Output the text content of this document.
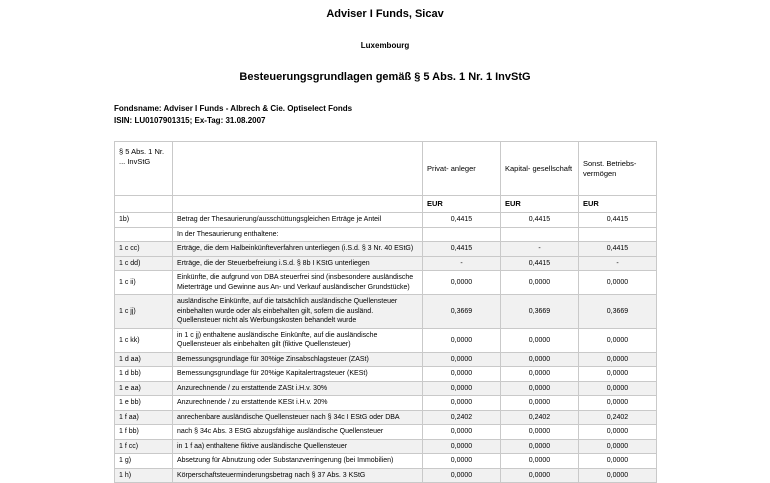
Adviser I Funds, Sicav
Luxembourg
Besteuerungsgrundlagen gemäß § 5 Abs. 1 Nr. 1 InvStG
Fondsname: Adviser I Funds - Albrech & Cie. Optiselect Fonds
ISIN: LU0107901315; Ex-Tag: 31.08.2007
§ 5 Abs. 1 Nr. ... InvStG		Privat- anleger	Kapital- gesellschaft	Sonst. Betriebs- vermögen
		EUR	EUR	EUR
1b)	Betrag der Thesaurierung/ausschüttungsgleichen Erträge je Anteil	0,4415	0,4415	0,4415
	In der Thesaurierung enthaltene:			
1 c cc)	Erträge, die dem Halbeinkünfteverfahren unterliegen (i.S.d. § 3 Nr. 40 EStG)	0,4415	-	0,4415
1 c dd)	Erträge, die der Steuerbefreiung i.S.d. § 8b I KStG unterliegen	-	0,4415	-
1 c ii)	Einkünfte, die aufgrund von DBA steuerfrei sind (insbesondere ausländische Mieterträge und Gewinne aus An- und Verkauf ausländischer Grundstücke)	0,0000	0,0000	0,0000
1 c jj)	ausländische Einkünfte, auf die tatsächlich ausländische Quellensteuer einbehalten wurde oder als einbehalten gilt, sofern die ausländ. Quellensteuer nicht als Werbungskosten behandelt wurde	0,3669	0,3669	0,3669
1 c kk)	in 1 c jj) enthaltene ausländische Einkünfte, auf die ausländische Quellensteuer als einbehalten gilt (fiktive Quellensteuer)	0,0000	0,0000	0,0000
1 d aa)	Bemessungsgrundlage für 30%ige Zinsabschlagsteuer (ZASt)	0,0000	0,0000	0,0000
1 d bb)	Bemessungsgrundlage für 20%ige Kapitalertragsteuer (KESt)	0,0000	0,0000	0,0000
1 e aa)	Anzurechnende / zu erstattende ZASt i.H.v. 30%	0,0000	0,0000	0,0000
1 e bb)	Anzurechnende / zu erstattende KESt i.H.v. 20%	0,0000	0,0000	0,0000
1 f aa)	anrechenbare ausländische Quellensteuer nach § 34c I EStG oder DBA	0,2402	0,2402	0,2402
1 f bb)	nach § 34c Abs. 3 EStG abzugsfähige ausländische Quellensteuer	0,0000	0,0000	0,0000
1 f cc)	in 1 f aa) enthaltene fiktive ausländische Quellensteuer	0,0000	0,0000	0,0000
1 g)	Absetzung für Abnutzung oder Substanzverringerung (bei Immobilien)	0,0000	0,0000	0,0000
1 h)	Körperschaftsteuerminderungsbetrag nach § 37 Abs. 3 KStG	0,0000	0,0000	0,0000
